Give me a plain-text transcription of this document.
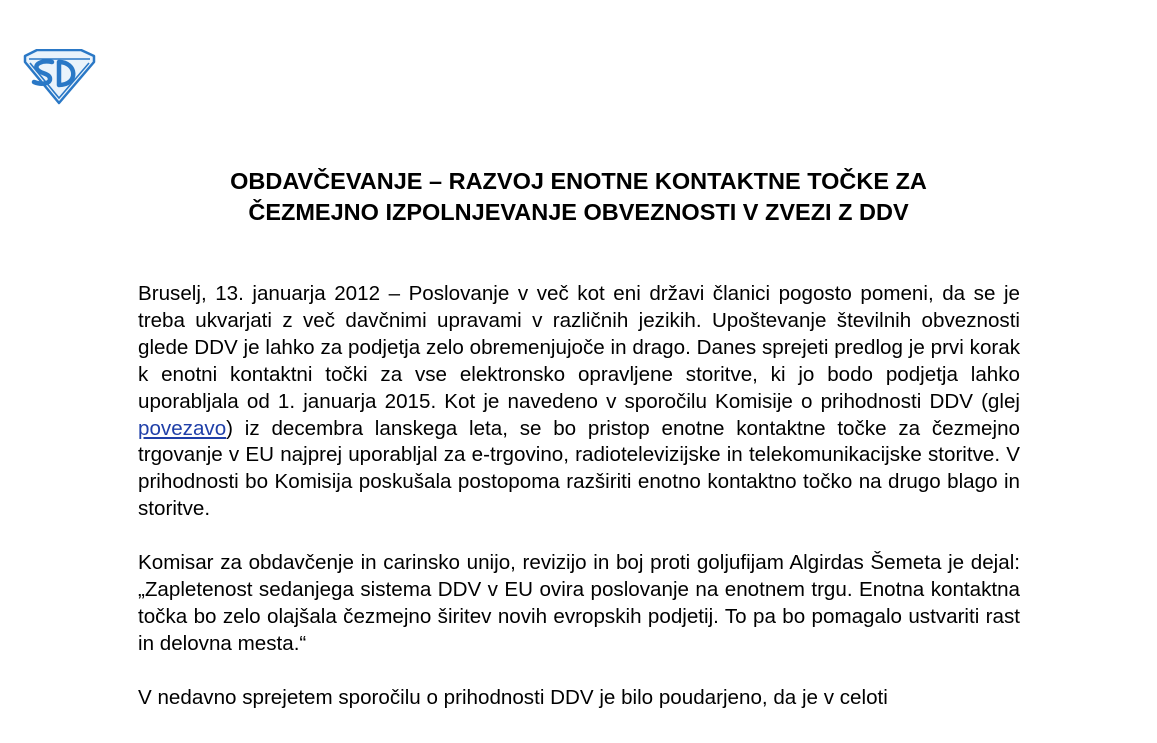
OBDAVČEVANJE – RAZVOJ ENOTNE KONTAKTNE TOČKE ZA
ČEZMEJNO IZPOLNJEVANJE OBVEZNOSTI V ZVEZI Z DDV

Bruselj, 13. januarja 2012 – Poslovanje v več kot eni državi članici pogosto pomeni, da se je treba ukvarjati z več davčnimi upravami v različnih jezikih. Upoštevanje številnih obveznosti glede DDV je lahko za podjetja zelo obremenjujoče in drago. Danes sprejeti predlog je prvi korak k enotni kontaktni točki za vse elektronsko opravljene storitve, ki jo bodo podjetja lahko uporabljala od 1. januarja 2015. Kot je navedeno v sporočilu Komisije o prihodnosti DDV (glej povezavo) iz decembra lanskega leta, se bo pristop enotne kontaktne točke za čezmejno trgovanje v EU najprej uporabljal za e-trgovino, radiotelevizijske in telekomunikacijske storitve. V prihodnosti bo Komisija poskušala postopoma razširiti enotno kontaktno točko na drugo blago in storitve.

Komisar za obdavčenje in carinsko unijo, revizijo in boj proti goljufijam Algirdas Šemeta je dejal: „Zapletenost sedanjega sistema DDV v EU ovira poslovanje na enotnem trgu. Enotna kontaktna točka bo zelo olajšala čezmejno širitev novih evropskih podjetij. To pa bo pomagalo ustvariti rast in delovna mesta.“

V nedavno sprejetem sporočilu o prihodnosti DDV je bilo poudarjeno, da je v celoti
